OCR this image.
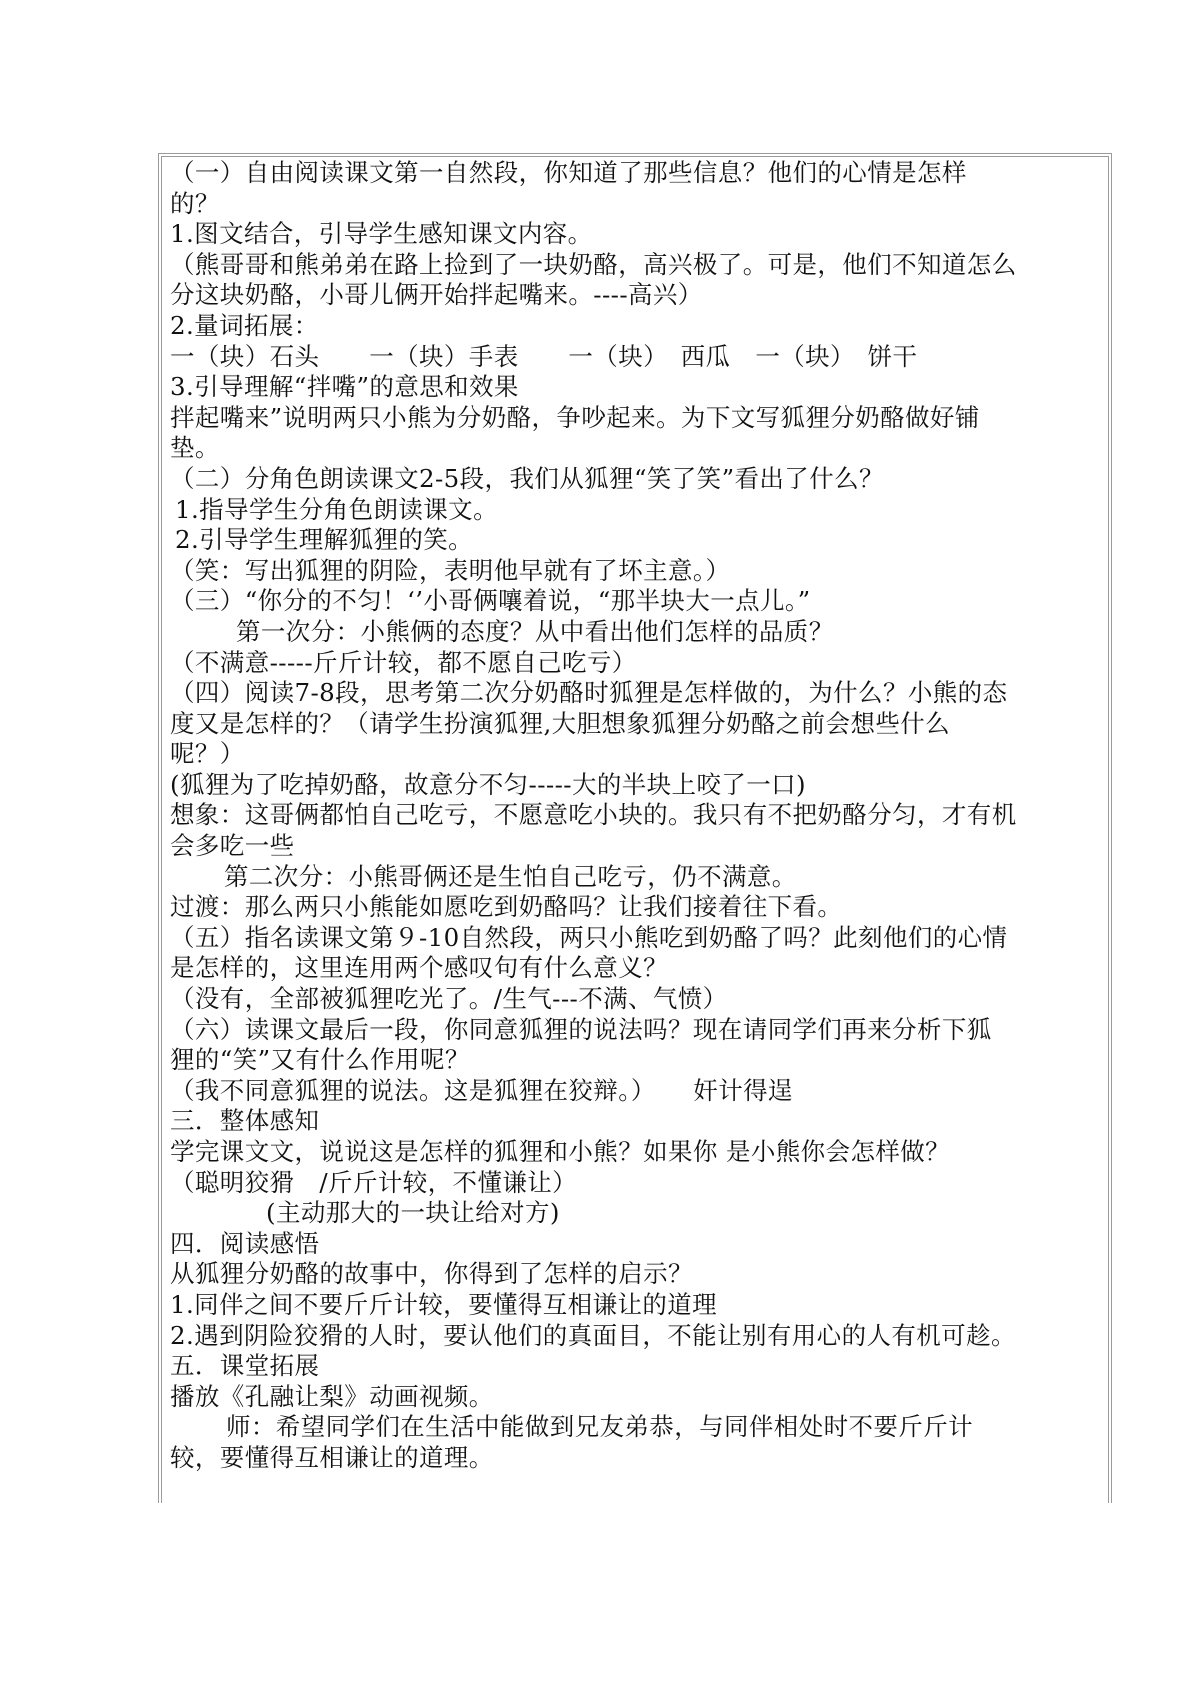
（一）自由阅读课文第一自然段，你知道了那些信息？他们的心情是怎样
的？
1.图文结合，引导学生感知课文内容。
（熊哥哥和熊弟弟在路上捡到了一块奶酪，高兴极了。可是，他们不知道怎么
分这块奶酪，小哥儿俩开始拌起嘴来。----高兴）
2.量词拓展：
一（块）石头　　一（块）手表　　一（块）　西瓜　一（块）　饼干
3.引导理解“拌嘴”的意思和效果
拌起嘴来”说明两只小熊为分奶酪，争吵起来。为下文写狐狸分奶酪做好铺
垫。
（二）分角色朗读课文2-5段，我们从狐狸“笑了笑”看出了什么？
1.指导学生分角色朗读课文。
2.引导学生理解狐狸的笑。
（笑：写出狐狸的阴险，表明他早就有了坏主意。）
（三）“你分的不匀！‘’小哥俩嚷着说，“那半块大一点儿。”
第一次分：小熊俩的态度？从中看出他们怎样的品质？
（不满意-----斤斤计较，都不愿自己吃亏）
（四）阅读7-8段，思考第二次分奶酪时狐狸是怎样做的，为什么？小熊的态
度又是怎样的？（请学生扮演狐狸,大胆想象狐狸分奶酪之前会想些什么
呢？）
(狐狸为了吃掉奶酪，故意分不匀-----大的半块上咬了一口)
想象：这哥俩都怕自己吃亏，不愿意吃小块的。我只有不把奶酪分匀，才有机
会多吃一些
第二次分：小熊哥俩还是生怕自己吃亏，仍不满意。
过渡：那么两只小熊能如愿吃到奶酪吗？让我们接着往下看。
（五）指名读课文第９-10自然段，两只小熊吃到奶酪了吗？此刻他们的心情
是怎样的，这里连用两个感叹句有什么意义？
（没有，全部被狐狸吃光了。/生气---不满、气愤）
（六）读课文最后一段，你同意狐狸的说法吗？现在请同学们再来分析下狐
狸的“笑”又有什么作用呢？
（我不同意狐狸的说法。这是狐狸在狡辩。）　　奸计得逞
三．整体感知
学完课文文，说说这是怎样的狐狸和小熊？如果你 是小熊你会怎样做？
（聪明狡猾　/斤斤计较，不懂谦让）
(主动那大的一块让给对方)
四．阅读感悟
从狐狸分奶酪的故事中，你得到了怎样的启示？
1.同伴之间不要斤斤计较，要懂得互相谦让的道理
2.遇到阴险狡猾的人时，要认他们的真面目，不能让别有用心的人有机可趁。
五．课堂拓展
播放《孔融让梨》动画视频。
师：希望同学们在生活中能做到兄友弟恭，与同伴相处时不要斤斤计
较，要懂得互相谦让的道理。
